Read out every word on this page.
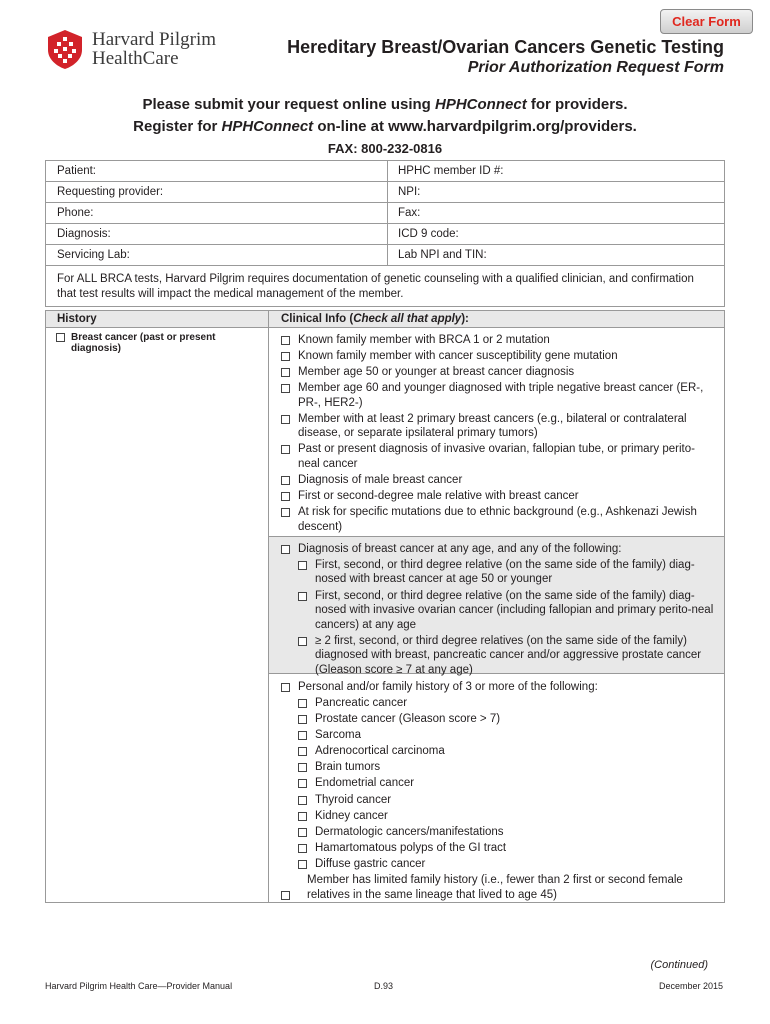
Clear Form
Harvard Pilgrim
HealthCare
Hereditary Breast/Ovarian Cancers Genetic Testing
Prior Authorization Request Form
Please submit your request online using HPHConnect for providers.
Register for HPHConnect on-line at www.harvardpilgrim.org/providers.
FAX: 800-232-0816
Patient:	HPHC member ID #:
Requesting provider:	NPI:
Phone:	Fax:
Diagnosis:	ICD 9 code:
Servicing Lab:	Lab NPI and TIN:
For ALL BRCA tests, Harvard Pilgrim requires documentation of genetic counseling with a qualified clinician, and confirmation that test results will impact the medical management of the member.
History	Clinical Info (Check all that apply):
Breast cancer (past or present diagnosis)
Known family member with BRCA 1 or 2 mutation
Known family member with cancer susceptibility gene mutation
Member age 50 or younger at breast cancer diagnosis
Member age 60 and younger diagnosed with triple negative breast cancer (ER-, PR-, HER2-)
Member with at least 2 primary breast cancers (e.g., bilateral or contralateral disease, or separate ipsilateral primary tumors)
Past or present diagnosis of invasive ovarian, fallopian tube, or primary perito-neal cancer
Diagnosis of male breast cancer
First or second-degree male relative with breast cancer
At risk for specific mutations due to ethnic background (e.g., Ashkenazi Jewish descent)
Diagnosis of breast cancer at any age, and any of the following:
First, second, or third degree relative (on the same side of the family) diag-nosed with breast cancer at age 50 or younger
First, second, or third degree relative (on the same side of the family) diag-nosed with invasive ovarian cancer (including fallopian and primary perito-neal cancers) at any age
≥ 2 first, second, or third degree relatives (on the same side of the family) diagnosed with breast, pancreatic cancer and/or aggressive prostate cancer (Gleason score ≥ 7 at any age)
Personal and/or family history of 3 or more of the following:
Pancreatic cancer
Prostate cancer (Gleason score > 7)
Sarcoma
Adrenocortical carcinoma
Brain tumors
Endometrial cancer
Thyroid cancer
Kidney cancer
Dermatologic cancers/manifestations
Hamartomatous polyps of the GI tract
Diffuse gastric cancer
Member has limited family history (i.e., fewer than 2 first or second female relatives in the same lineage that lived to age 45)
(Continued)
Harvard Pilgrim Health Care—Provider Manual	D.93	December 2015
